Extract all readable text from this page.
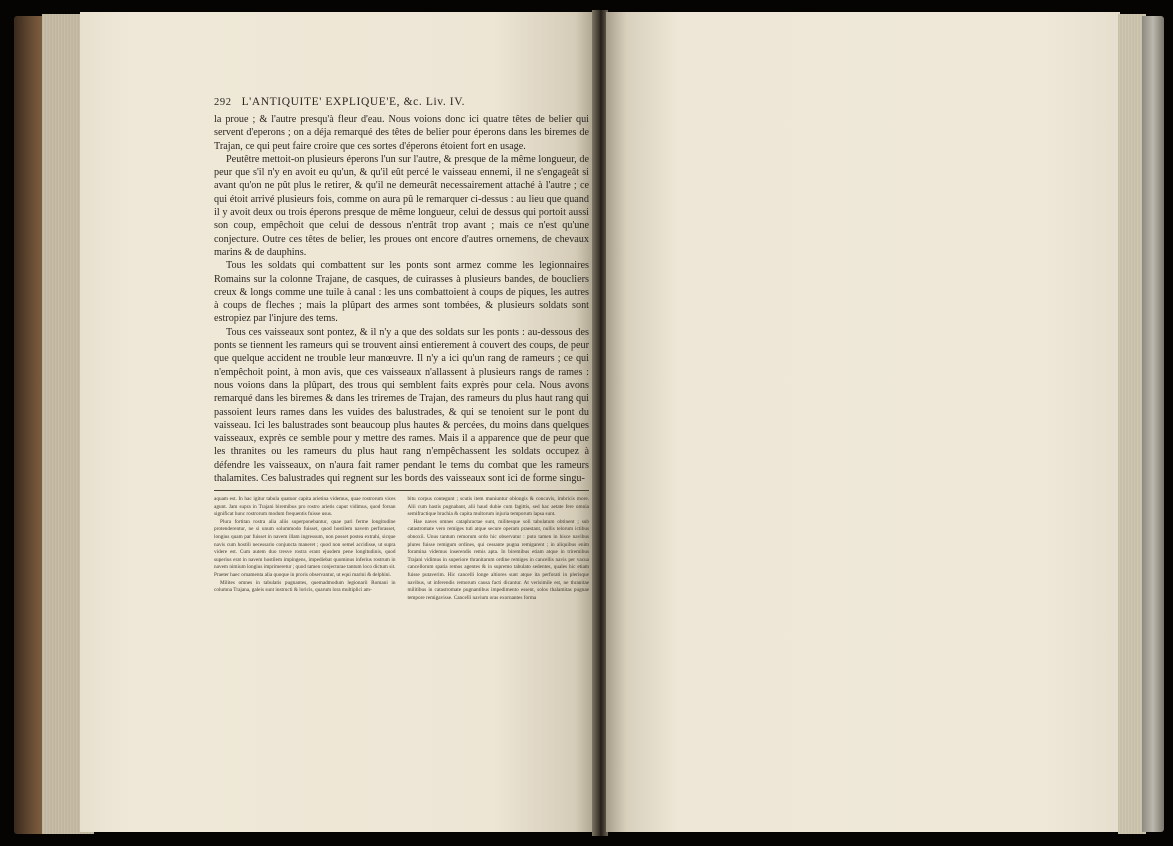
292 L'ANTIQUITE' EXPLIQUE'E, &c. Liv. IV.

la proue ; & l'autre presqu'à fleur d'eau. Nous voions donc ici quatre têtes de belier qui servent d'eperons ; on a déja remarqué des têtes de belier pour éperons dans les biremes de Trajan, ce qui peut faire croire que ces sortes d'éperons étoient fort en usage.

Peutêtre mettoit-on plusieurs éperons l'un sur l'autre, & presque de la même longueur, de peur que s'il n'y en avoit eu qu'un, & qu'il eût percé le vaisseau ennemi, il ne s'engageât si avant qu'on ne pût plus le retirer, & qu'il ne demeurât necessairement attaché à l'autre ; ce qui étoit arrivé plusieurs fois, comme on aura pû le remarquer ci-dessus : au lieu que quand il y avoit deux ou trois éperons presque de même longueur, celui de dessus qui portoit aussi son coup, empêchoit que celui de dessous n'entrât trop avant ; mais ce n'est qu'une conjecture. Outre ces têtes de belier, les proues ont encore d'autres ornemens, de chevaux marins & de dauphins.

Tous les soldats qui combattent sur les ponts sont armez comme les legionnaires Romains sur la colonne Trajane, de casques, de cuirasses à plusieurs bandes, de boucliers creux & longs comme une tuile à canal : les uns combattoient à coups de piques, les autres à coups de fleches ; mais la plûpart des armes sont tombées, & plusieurs soldats sont estropiez par l'injure des tems.

Tous ces vaisseaux sont pontez, & il n'y a que des soldats sur les ponts : au-dessous des ponts se tiennent les rameurs qui se trouvent ainsi entierement à couvert des coups, de peur que quelque accident ne trouble leur manœuvre. Il n'y a ici qu'un rang de rameurs ; ce qui n'empêchoit point, à mon avis, que ces vaisseaux n'allassent à plusieurs rangs de rames : nous voions dans la plûpart, des trous qui semblent faits exprès pour cela. Nous avons remarqué dans les biremes & dans les triremes de Trajan, des rameurs du plus haut rang qui passoient leurs rames dans les vuides des balustrades, & qui se tenoient sur le pont du vaisseau. Ici les balustrades sont beaucoup plus hautes & percées, du moins dans quelques vaisseaux, exprès ce semble pour y mettre des rames. Mais il a apparence que de peur que les thranites ou les rameurs du plus haut rang n'empêchassent les soldats occupez à défendre les vaisseaux, on n'aura fait ramer pendant le tems du combat que les rameurs thalamites. Ces balustrades qui regnent sur les bords des vaisseaux sont ici de forme singu-

aquam est. In hac igitur tabula quatuor capita arietina videmus, quae rostrorum vices agunt. Jam supra in Trajani biremibus pro rostro arietis caput vidimus, quod forsan significat hunc rostrorum modum frequentis fuisse usus.

Plura fortitan rostra alia aliis superponebantur, quae pari ferme longitudine protenderentur, ne si unum solummodo fuisset, quod hostilem navem perforasset, longius quam par fuisset in navem illam ingressum, non posset postea extrahi, sicque navis cum hostili necessario conjuncta maneret ; quod non semel accidisse, ut supra videre est. Cum autem duo tresve rostra erant ejusdem pene longitudinis, quod superius erat in navem hostilem impingens, impediebat quominus inferius rostrum in navem nimium longius imprimeretur ; quod tamen conjecturae tantum loco dictum sit. Praeter haec ornamenta alia quoque in proris observantur, ut equi marini & delphini.

Milites omnes in tabulatis pugnantes, quemadmodum legionarii Romani in columna Trajana, galeis sunt instructi & loricis, quarum lora multiplici am-

bitu corpus contegunt ; scutis item muniuntur oblongis & concavis, imbricis more. Alii cum hastis pugnabant, alii haud dubie cum fagittis, sed hac aetate fere omnia semifractique brachia & capita multorum injuria temporum lapsa sunt.

Hae naves omnes cataphractae sunt, militesque soli tabulatum obtinent ; sub catastromate vero remiges tuti atque secure operam praestant, nullis telorum ictibus obnoxii. Unus tantum remorum ordo hic observatur : puto tamen in hisce navibus plures fuisse remigum ordines, qui cessante pugna remigarent ; in aliquibus enim foramina videmus inserendis remis apta. In biremibus etiam atque in triremibus Trajani vidimus in superiore thranitarum ordine remiges in cancellis navis per vacua cancellorum spatia remos agentes & in supremo tabulato sedentes, quales hic etiam fuisse putaverim. Hic cancelli longe altiores sunt atque ita perforati in plerisque navibus, ut inferendis remorum causa facti dicantur. At verisimile est, ne thranitae militibus in catastromate pugnantibus impedimento essent, solos thalamitas pugnae tempore remigavisse. Cancelli navium oras exornantes forma
